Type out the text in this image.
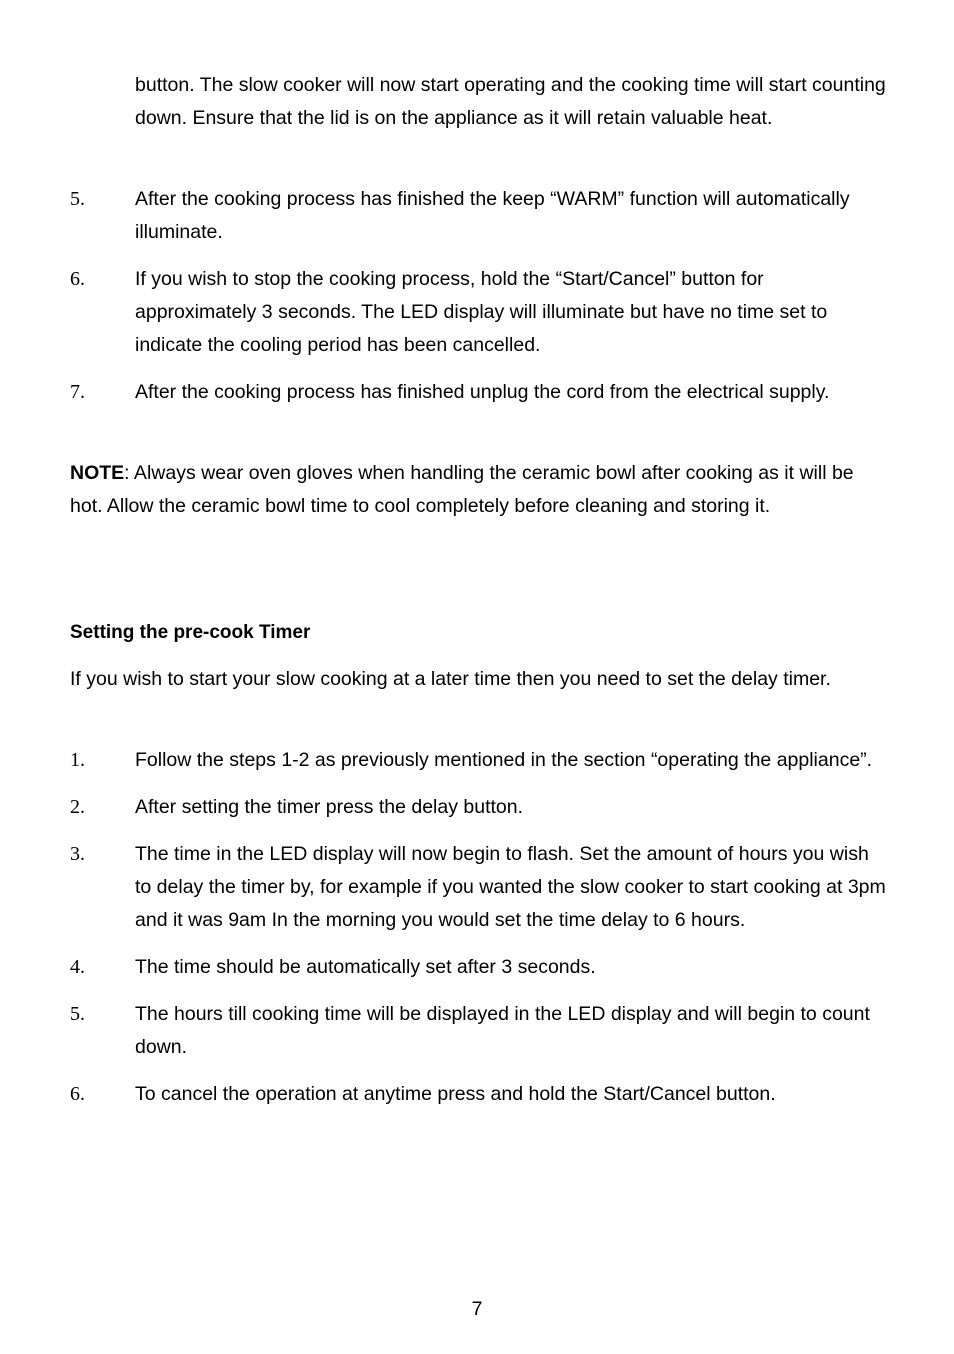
button. The slow cooker will now start operating and the cooking time will start counting down. Ensure that the lid is on the appliance as it will retain valuable heat.
5.	After the cooking process has finished the keep “WARM” function will automatically illuminate.
6.	If you wish to stop the cooking process, hold the “Start/Cancel” button for approximately 3 seconds. The LED display will illuminate but have no time set to indicate the cooling period has been cancelled.
7.	After the cooking process has finished unplug the cord from the electrical supply.
NOTE: Always wear oven gloves when handling the ceramic bowl after cooking as it will be hot. Allow the ceramic bowl time to cool completely before cleaning and storing it.
Setting the pre-cook Timer
If you wish to start your slow cooking at a later time then you need to set the delay timer.
1.	Follow the steps 1-2 as previously mentioned in the section “operating the appliance”.
2.	After setting the timer press the delay button.
3.	The time in the LED display will now begin to flash. Set the amount of hours you wish to delay the timer by, for example if you wanted the slow cooker to start cooking at 3pm and it was 9am In the morning you would set the time delay to 6 hours.
4.	The time should be automatically set after 3 seconds.
5.	The hours till cooking time will be displayed in the LED display and will begin to count down.
6.	To cancel the operation at anytime press and hold the Start/Cancel button.
7
